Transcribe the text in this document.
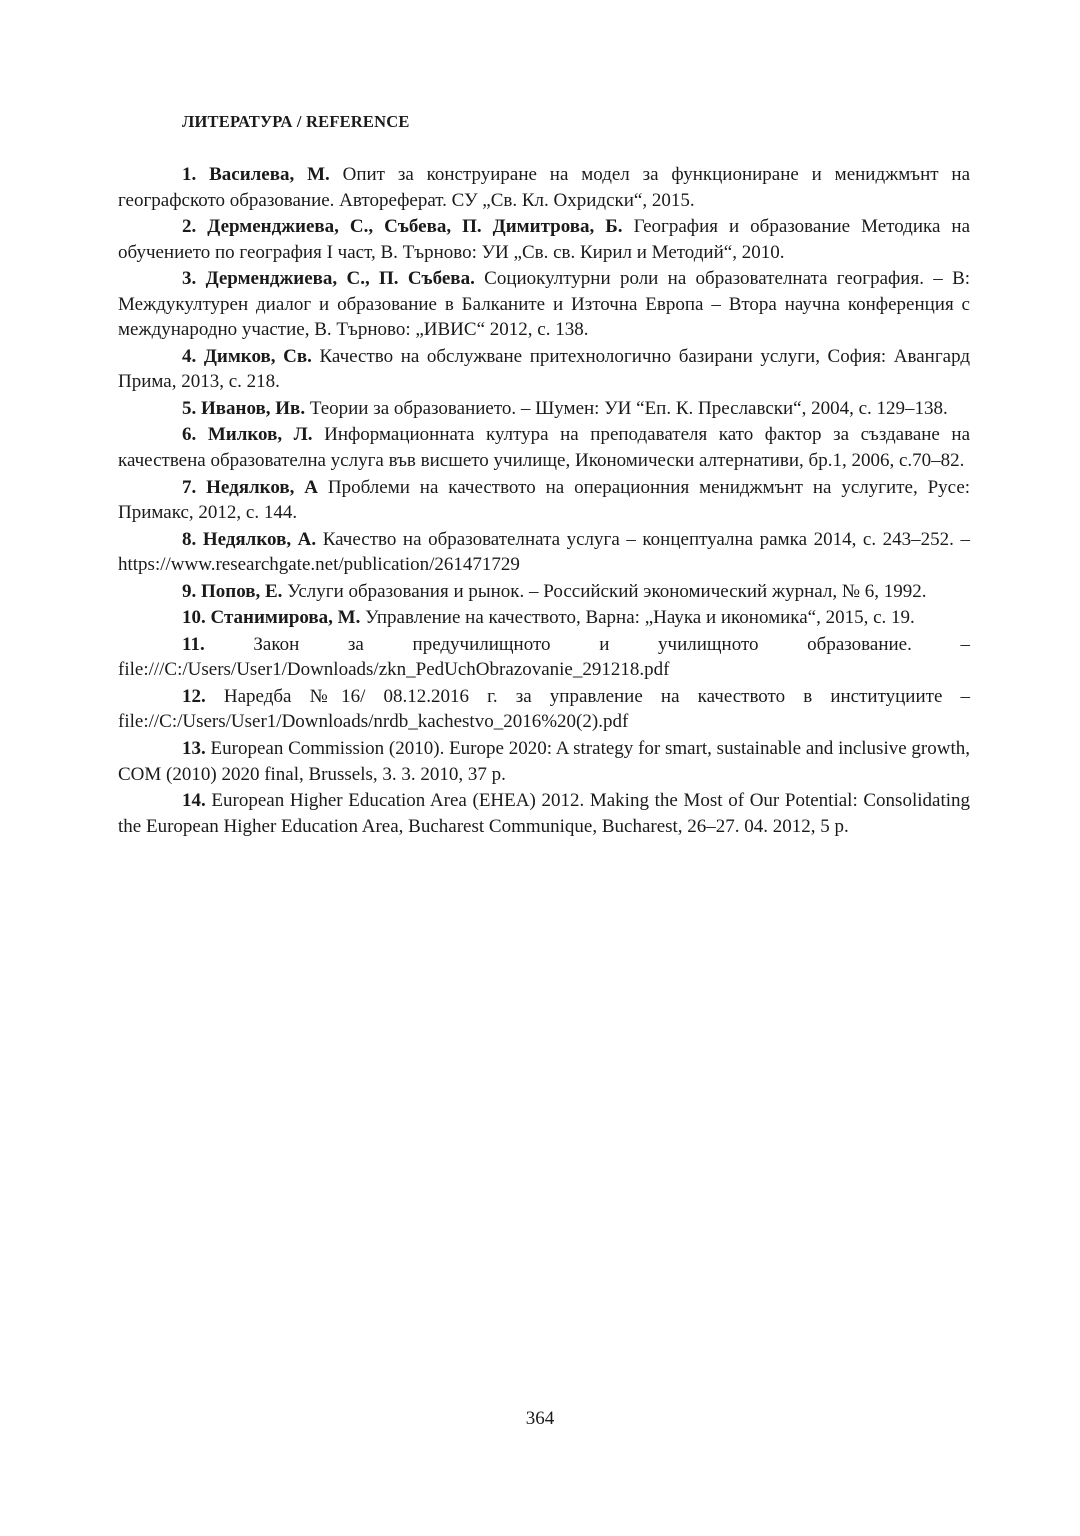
ЛИТЕРАТУРА / REFERENCE

1. Василева, М. Опит за конструиране на модел за функциониране и мениджмънт на географското образование. Автореферат. СУ „Св. Кл. Охридски“, 2015.

2. Дерменджиева, С., Събева, П. Димитрова, Б. География и образование Методика на обучението по география I част, В. Търново: УИ „Св. св. Кирил и Методий“, 2010.

3. Дерменджиева, С., П. Събева. Социокултурни роли на образователната география. – В: Междукултурен диалог и образование в Балканите и Източна Европа – Втора научна конференция с международно участие, В. Търново: „ИВИС“ 2012, с. 138.

4. Димков, Св. Качество на обслужване притехнологично базирани услуги, София: Авангард Прима, 2013, с. 218.

5. Иванов, Ив. Теории за образованието. – Шумен: УИ “Еп. К. Преславски“, 2004, с. 129–138.

6. Милков, Л. Информационната култура на преподавателя като фактор за създаване на качествена образователна услуга във висшето училище, Икономически алтернативи, бр.1, 2006, с.70–82.

7. Недялков, А Проблеми на качеството на операционния мениджмънт на услугите, Русе: Примакс, 2012, с. 144.

8. Недялков, А. Качество на образователната услуга – концептуална рамка 2014, с. 243–252. – https://www.researchgate.net/publication/261471729

9. Попов, Е. Услуги образования и рынок. – Российский экономический журнал, № 6, 1992.

10. Станимирова, М. Управление на качеството, Варна: „Наука и икономика“, 2015, с. 19.

11.	Закон за предучилищното и училищното образование. – file:///C:/Users/User1/Downloads/zkn_PedUchObrazovanie_291218.pdf

12. Наредба №16/ 08.12.2016 г. за управление на качеството в институциите – file://C:/Users/User1/Downloads/nrdb_kachestvo_2016%20(2).pdf

13. European Commission (2010). Europe 2020: A strategy for smart, sustainable and inclusive growth, COM (2010) 2020 final, Brussels, 3. 3. 2010, 37 p.

14. European Higher Education Area (EHEA) 2012. Making the Most of Our Potential: Consolidating the European Higher Education Area, Bucharest Communique, Bucharest, 26–27. 04. 2012, 5 p.

364
